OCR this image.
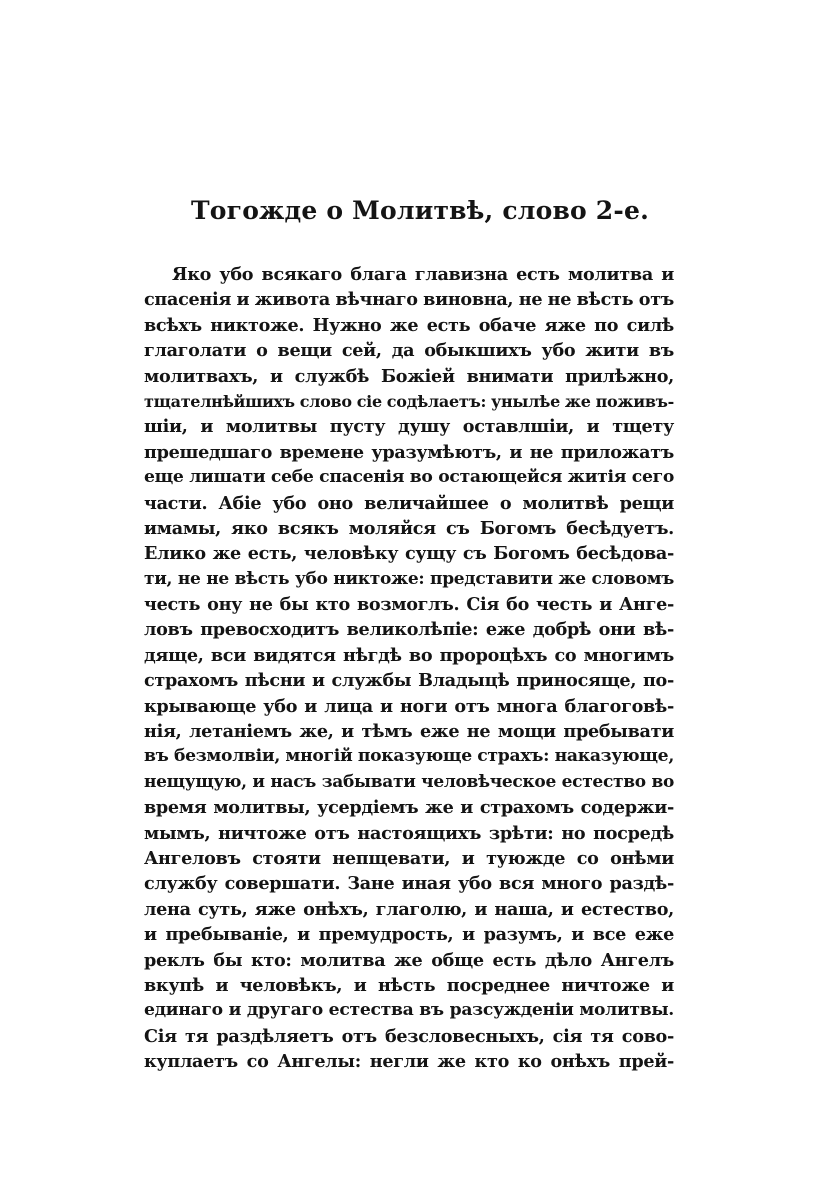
Тогожде о Молитвѣ, слово 2-е.
Яко убо всякаго блага главизна есть молитва и
спасенія и живота вѣчнаго виновна, не не вѣсть отъ
всѣхъ никтоже. Нужно же есть обаче яже по силѣ
глаголати о вещи сей, да обыкшихъ убо жити въ
молитвахъ, и службѣ Божіей внимати прилѣжно,
тщателнѣйшихъ слово сіе содѣлаетъ: унылѣе же поживъ-
шіи, и молитвы пусту душу оставлшіи, и тщету
прешедшаго времене уразумѣютъ, и не приложатъ
еще лишати себе спасенія во остающейся житія сего
части. Абіе убо оно величайшее о молитвѣ рещи
имамы, яко всякъ моляйся съ Богомъ бесѣдуетъ.
Елико же есть, человѣку сущу съ Богомъ бесѣдова-
ти, не не вѣсть убо никтоже: представити же словомъ
честь ону не бы кто возмоглъ. Сія бо честь и Анге-
ловъ превосходитъ великолѣпіе: еже добрѣ они вѣ-
дяще, вси видятся нѣгдѣ во пророцѣхъ со многимъ
страхомъ пѣсни и службы Владыцѣ приносяще, по-
крывающе убо и лица и ноги отъ многа благоговѣ-
нія, летаніемъ же, и тѣмъ еже не мощи пребывати
въ безмолвіи, многій показующе страхъ: наказующе,
нещущую, и насъ забывати человѣческое естество во
время молитвы, усердіемъ же и страхомъ содержи-
мымъ, ничтоже отъ настоящихъ зрѣти: но посредѣ
Ангеловъ стояти непщевати, и туюжде со онѣми
службу совершати. Зане иная убо вся много раздѣ-
лена суть, яже онѣхъ, глаголю, и наша, и естество,
и пребываніе, и премудрость, и разумъ, и все еже
реклъ бы кто: молитва же обще есть дѣло Ангелъ
вкупѣ и человѣкъ, и нѣсть посреднее ничтоже и
единаго и другаго естества въ разсужденіи молитвы.
Сія тя раздѣляетъ отъ безсловесныхъ, сія тя сово-
куплаетъ со Ангелы: негли же кто ко онѣхъ прей-
